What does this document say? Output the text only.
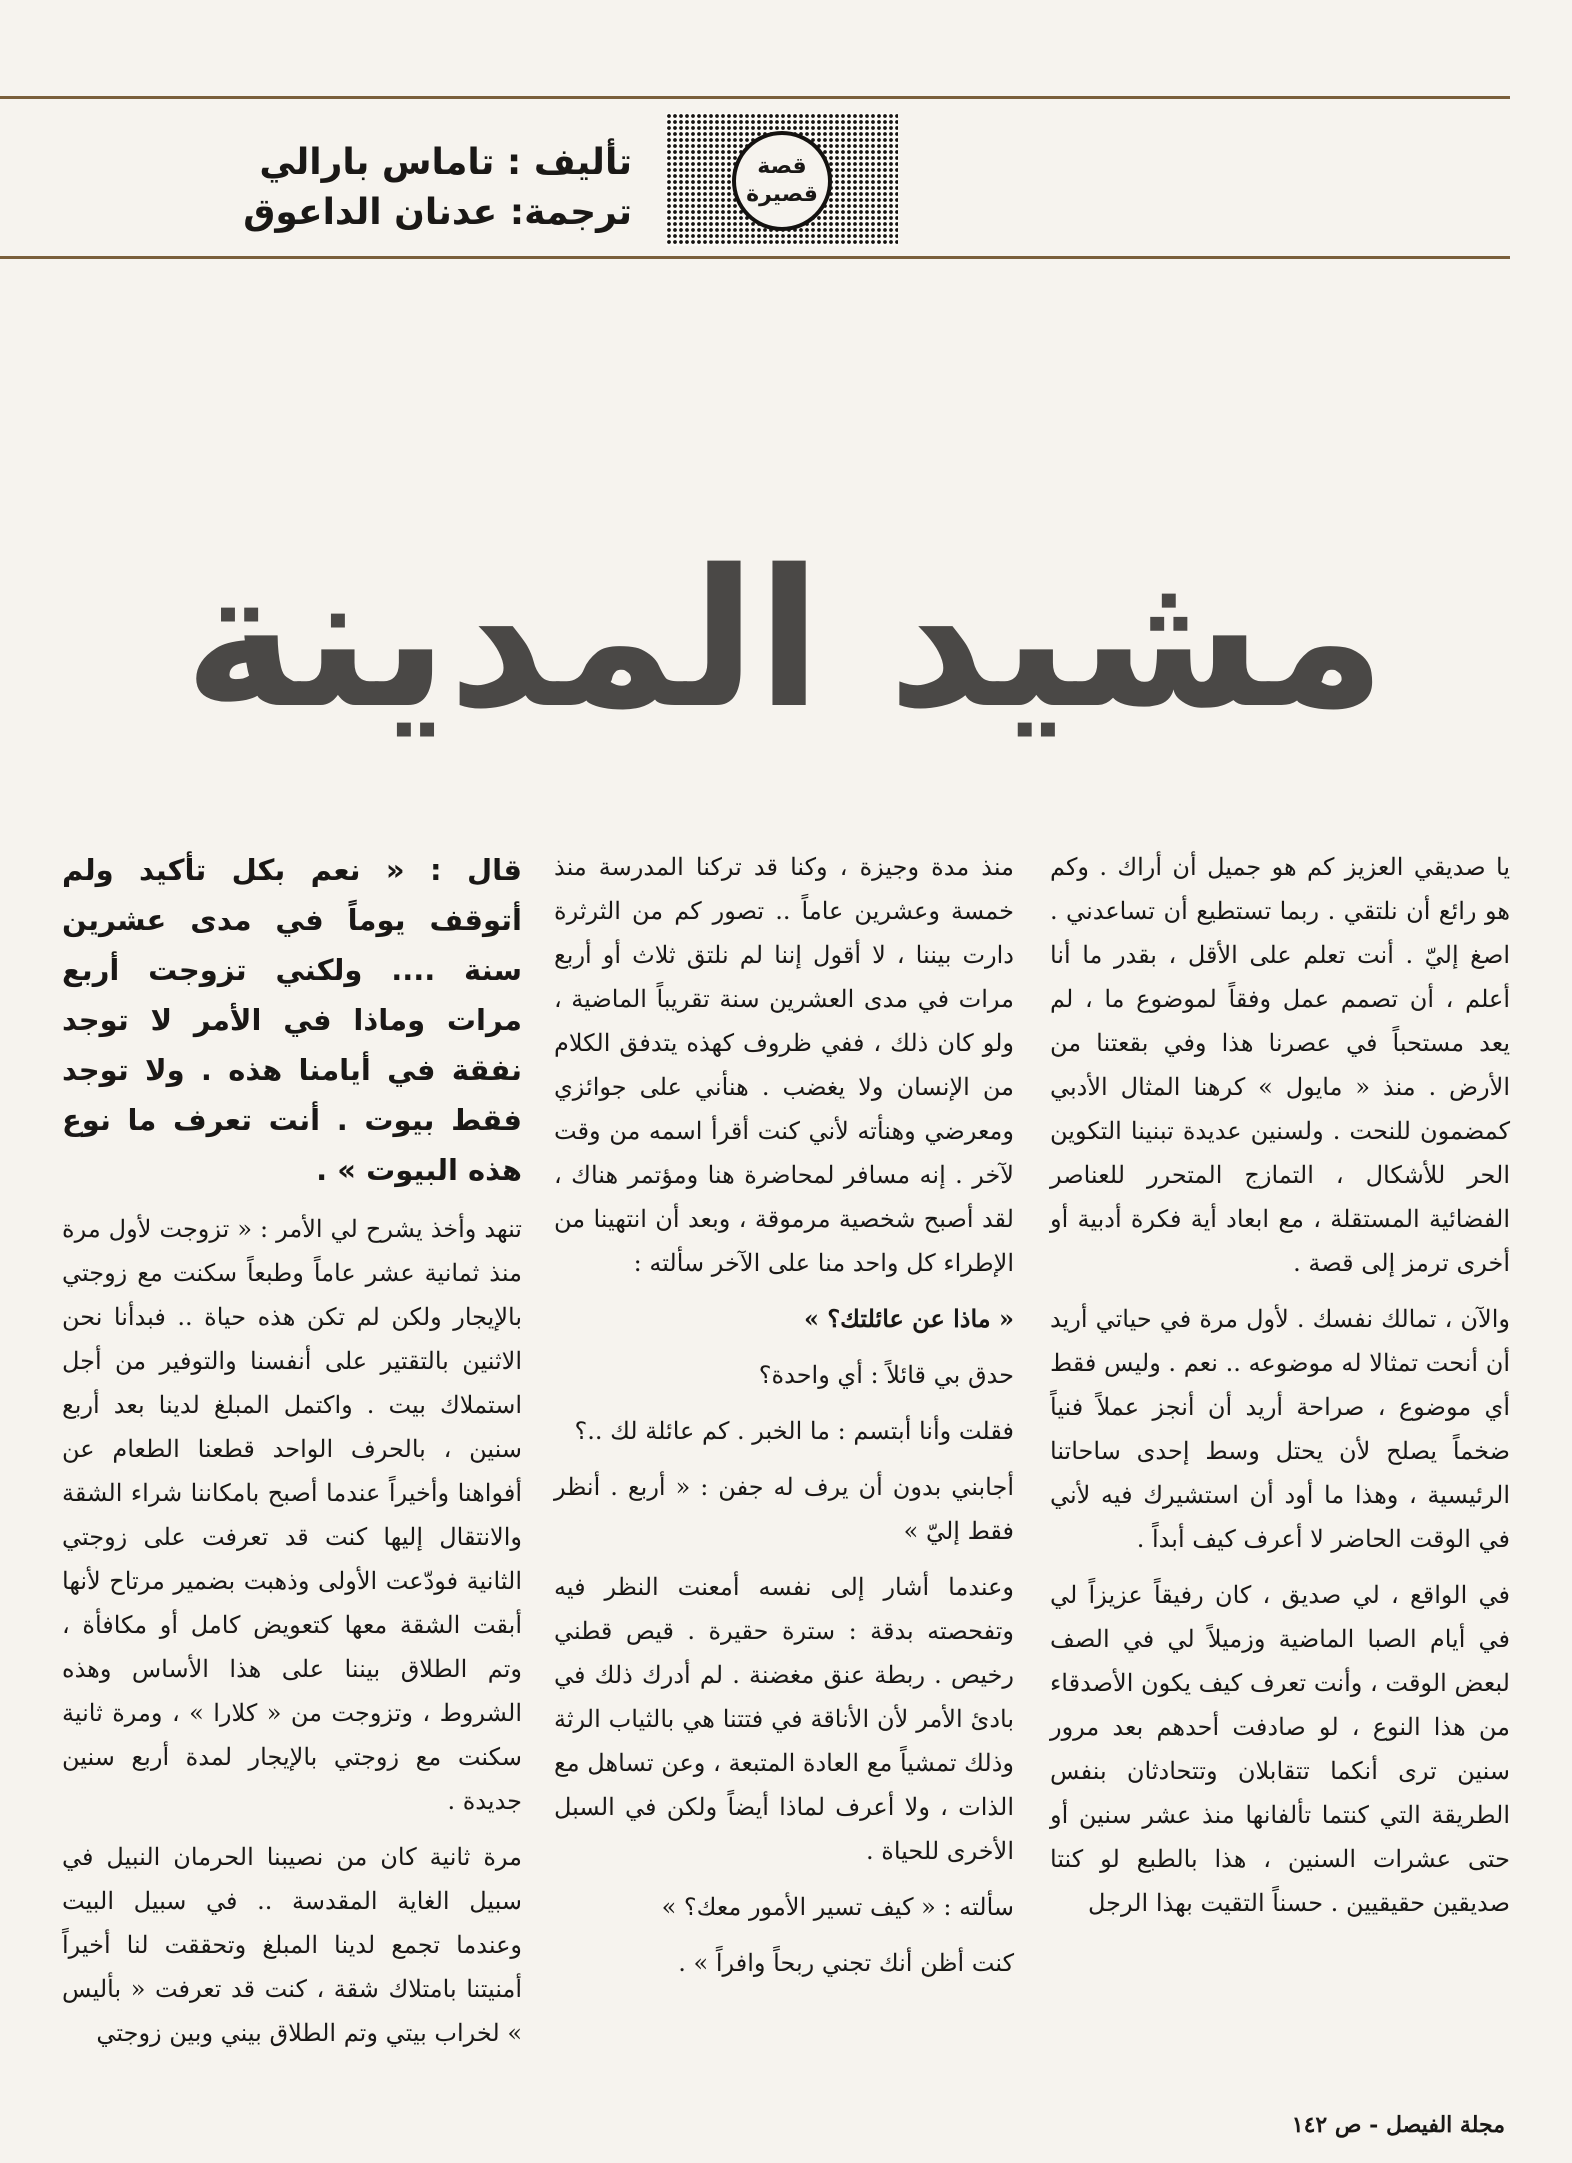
تأليف : تاماس بارالي
ترجمة: عدنان الداعوق
قصة
قصيرة
مشيد المدينة

يا صديقي العزيز كم هو جميل أن أراك . وكم هو رائع أن نلتقي . ربما تستطيع أن تساعدني . اصغ إليّ . أنت تعلم على الأقل ، بقدر ما أنا أعلم ، أن تصمم عمل وفقاً لموضوع ما ، لم يعد مستحباً في عصرنا هذا وفي بقعتنا من الأرض . منذ « مايول » كرهنا المثال الأدبي كمضمون للنحت . ولسنين عديدة تبنينا التكوين الحر للأشكال ، التمازج المتحرر للعناصر الفضائية المستقلة ، مع ابعاد أية فكرة أدبية أو أخرى ترمز إلى قصة .

والآن ، تمالك نفسك . لأول مرة في حياتي أريد أن أنحت تمثالا له موضوعه .. نعم . وليس فقط أي موضوع ، صراحة أريد أن أنجز عملاً فنياً ضخماً يصلح لأن يحتل وسط إحدى ساحاتنا الرئيسية ، وهذا ما أود أن استشيرك فيه لأني في الوقت الحاضر لا أعرف كيف أبداً .

في الواقع ، لي صديق ، كان رفيقاً عزيزاً لي في أيام الصبا الماضية وزميلاً لي في الصف لبعض الوقت ، وأنت تعرف كيف يكون الأصدقاء من هذا النوع ، لو صادفت أحدهم بعد مرور سنين ترى أنكما تتقابلان وتتحادثان بنفس الطريقة التي كنتما تألفانها منذ عشر سنين أو حتى عشرات السنين ، هذا بالطبع لو كنتا صديقين حقيقيين . حسناً التقيت بهذا الرجل

منذ مدة وجيزة ، وكنا قد تركنا المدرسة منذ خمسة وعشرين عاماً .. تصور كم من الثرثرة دارت بيننا ، لا أقول إننا لم نلتق ثلاث أو أربع مرات في مدى العشرين سنة تقريباً الماضية ، ولو كان ذلك ، ففي ظروف كهذه يتدفق الكلام من الإنسان ولا يغضب . هنأني على جوائزي ومعرضي وهنأته لأني كنت أقرأ اسمه من وقت لآخر . إنه مسافر لمحاضرة هنا ومؤتمر هناك ، لقد أصبح شخصية مرموقة ، وبعد أن انتهينا من الإطراء كل واحد منا على الآخر سألته :

« ماذا عن عائلتك؟ »

حدق بي قائلاً : أي واحدة؟

فقلت وأنا أبتسم : ما الخبر . كم عائلة لك ..؟

أجابني بدون أن يرف له جفن : « أربع . أنظر فقط إليّ »

وعندما أشار إلى نفسه أمعنت النظر فيه وتفحصته بدقة : سترة حقيرة . قيص قطني رخيص . ربطة عنق مغضنة . لم أدرك ذلك في بادئ الأمر لأن الأناقة في فتتنا هي بالثياب الرثة وذلك تمشياً مع العادة المتبعة ، وعن تساهل مع الذات ، ولا أعرف لماذا أيضاً ولكن في السبل الأخرى للحياة .

سألته : « كيف تسير الأمور معك؟ »

كنت أظن أنك تجني ربحاً وافراً » .

قال : « نعم بكل تأكيد ولم أتوقف يوماً في مدى عشرين سنة .... ولكني تزوجت أربع مرات وماذا في الأمر لا توجد نفقة في أيامنا هذه . ولا توجد فقط بيوت . أنت تعرف ما نوع هذه البيوت » .

تنهد وأخذ يشرح لي الأمر : « تزوجت لأول مرة منذ ثمانية عشر عاماً وطبعاً سكنت مع زوجتي بالإيجار ولكن لم تكن هذه حياة .. فبدأنا نحن الاثنين بالتقتير على أنفسنا والتوفير من أجل استملاك بيت . واكتمل المبلغ لدينا بعد أربع سنين ، بالحرف الواحد قطعنا الطعام عن أفواهنا وأخيراً عندما أصبح بامكاننا شراء الشقة والانتقال إليها كنت قد تعرفت على زوجتي الثانية فودّعت الأولى وذهبت بضمير مرتاح لأنها أبقت الشقة معها كتعويض كامل أو مكافأة ، وتم الطلاق بيننا على هذا الأساس وهذه الشروط ، وتزوجت من « كلارا » ، ومرة ثانية سكنت مع زوجتي بالإيجار لمدة أربع سنين جديدة .

مرة ثانية كان من نصيبنا الحرمان النبيل في سبيل الغاية المقدسة .. في سبيل البيت وعندما تجمع لدينا المبلغ وتحققت لنا أخيراً أمنيتنا بامتلاك شقة ، كنت قد تعرفت « بأليس » لخراب بيتي وتم الطلاق بيني وبين زوجتي

مجلة الفيصل - ص ١٤٢
